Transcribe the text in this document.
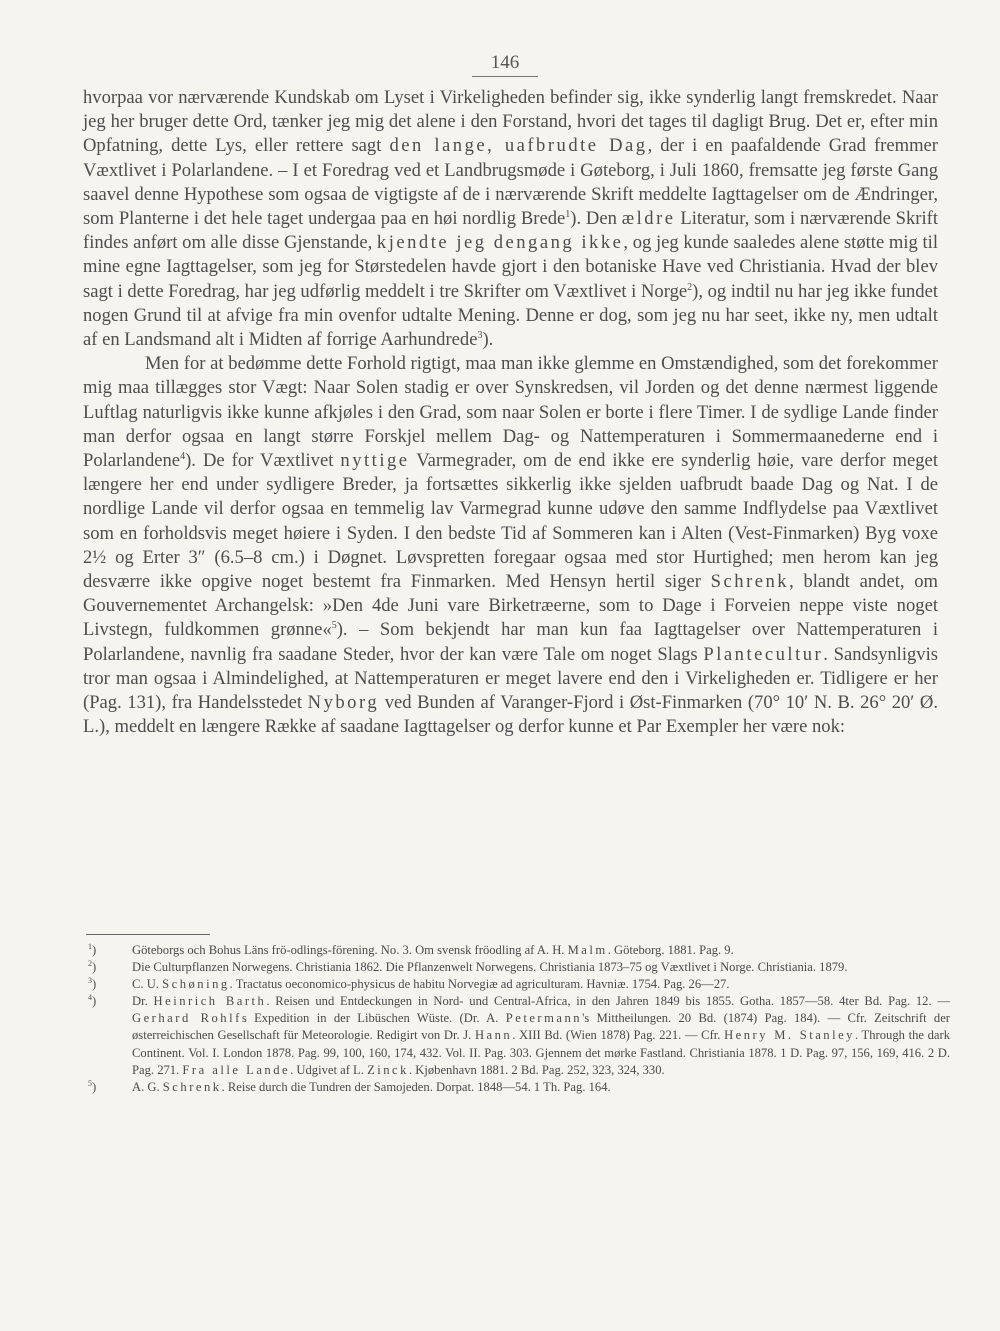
146

hvorpaa vor nærværende Kundskab om Lyset i Virkeligheden befinder sig, ikke synderlig langt fremskredet. Naar jeg her bruger dette Ord, tænker jeg mig det alene i den Forstand, hvori det tages til dagligt Brug. Det er, efter min Opfatning, dette Lys, eller rettere sagt den lange, uafbrudte Dag, der i en paafaldende Grad fremmer Væxtlivet i Polarlandene. – I et Foredrag ved et Landbrugsmøde i Gøteborg, i Juli 1860, fremsatte jeg første Gang saavel denne Hypothese som ogsaa de vigtigste af de i nærværende Skrift meddelte Iagttagelser om de Ændringer, som Planterne i det hele taget undergaa paa en høi nordlig Brede$^1$). Den ældre Literatur, som i nærværende Skrift findes anført om alle disse Gjenstande, kjendte jeg dengang ikke, og jeg kunde saaledes alene støtte mig til mine egne Iagttagelser, som jeg for Størstedelen havde gjort i den botaniske Have ved Christiania. Hvad der blev sagt i dette Foredrag, har jeg udførlig meddelt i tre Skrifter om Væxtlivet i Norge$^2$), og indtil nu har jeg ikke fundet nogen Grund til at afvige fra min ovenfor udtalte Mening. Denne er dog, som jeg nu har seet, ikke ny, men udtalt af en Landsmand alt i Midten af forrige Aarhundrede$^3$).

Men for at bedømme dette Forhold rigtigt, maa man ikke glemme en Omstændighed, som det forekommer mig maa tillægges stor Vægt: Naar Solen stadig er over Synskredsen, vil Jorden og det denne nærmest liggende Luftlag naturligvis ikke kunne afkjøles i den Grad, som naar Solen er borte i flere Timer. I de sydlige Lande finder man derfor ogsaa en langt større Forskjel mellem Dag- og Nattemperaturen i Sommermaanederne end i Polarlandene$^4$). De for Væxtlivet nyttige Varmegrader, om de end ikke ere synderlig høie, vare derfor meget længere her end under sydligere Breder, ja fortsættes sikkerlig ikke sjelden uafbrudt baade Dag og Nat. I de nordlige Lande vil derfor ogsaa en temmelig lav Varmegrad kunne udøve den samme Indflydelse paa Væxtlivet som en forholdsvis meget høiere i Syden. I den bedste Tid af Sommeren kan i Alten (Vest-Finmarken) Byg voxe 2½ og Erter 3″ (6.5–8 cm.) i Døgnet. Løvspretten foregaar ogsaa med stor Hurtighed; men herom kan jeg desværre ikke opgive noget bestemt fra Finmarken. Med Hensyn hertil siger Schrenk, blandt andet, om Gouvernementet Archangelsk: »Den 4de Juni vare Birketræerne, som to Dage i Forveien neppe viste noget Livstegn, fuldkommen grønne«$^5$). – Som bekjendt har man kun faa Iagttagelser over Nattemperaturen i Polarlandene, navnlig fra saadane Steder, hvor der kan være Tale om noget Slags Plantecultur. Sandsynligvis tror man ogsaa i Almindelighed, at Nattemperaturen er meget lavere end den i Virkeligheden er. Tidligere er her (Pag. 131), fra Handelsstedet Nyborg ved Bunden af Varanger-Fjord i Øst-Finmarken (70° 10′ N. B. 26° 20′ Ø. L.), meddelt en længere Række af saadane Iagttagelser og derfor kunne et Par Exempler her være nok:

$^1$)	Göteborgs och Bohus Läns frö-odlings-förening. No. 3. Om svensk fröodling af A. H. Malm. Göteborg. 1881. Pag. 9.

$^2$)	Die Culturpflanzen Norwegens. Christiania 1862. Die Pflanzenwelt Norwegens. Christiania 1873–75 og Væxtlivet i Norge. Christiania. 1879.

$^3$)	C. U. Schøning. Tractatus oeconomico-physicus de habitu Norvegiæ ad agriculturam. Havniæ. 1754. Pag. 26—27.

$^4$)	Dr. Heinrich Barth. Reisen und Entdeckungen in Nord- und Central-Africa, in den Jahren 1849 bis 1855. Gotha. 1857—58. 4ter Bd. Pag. 12. — Gerhard Rohlfs Expedition in der Libüschen Wüste. (Dr. A. Petermann's Mittheilungen. 20 Bd. (1874) Pag. 184). — Cfr. Zeitschrift der østerreichischen Gesellschaft für Meteorologie. Redigirt von Dr. J. Hann. XIII Bd. (Wien 1878) Pag. 221. — Cfr. Henry M. Stanley. Through the dark Continent. Vol. I. London 1878. Pag. 99, 100, 160, 174, 432. Vol. II. Pag. 303. Gjennem det mørke Fastland. Christiania 1878. 1 D. Pag. 97, 156, 169, 416. 2 D. Pag. 271. Fra alle Lande. Udgivet af L. Zinck. Kjøbenhavn 1881. 2 Bd. Pag. 252, 323, 324, 330.

$^5$)	A. G. Schrenk. Reise durch die Tundren der Samojeden. Dorpat. 1848—54. 1 Th. Pag. 164.
